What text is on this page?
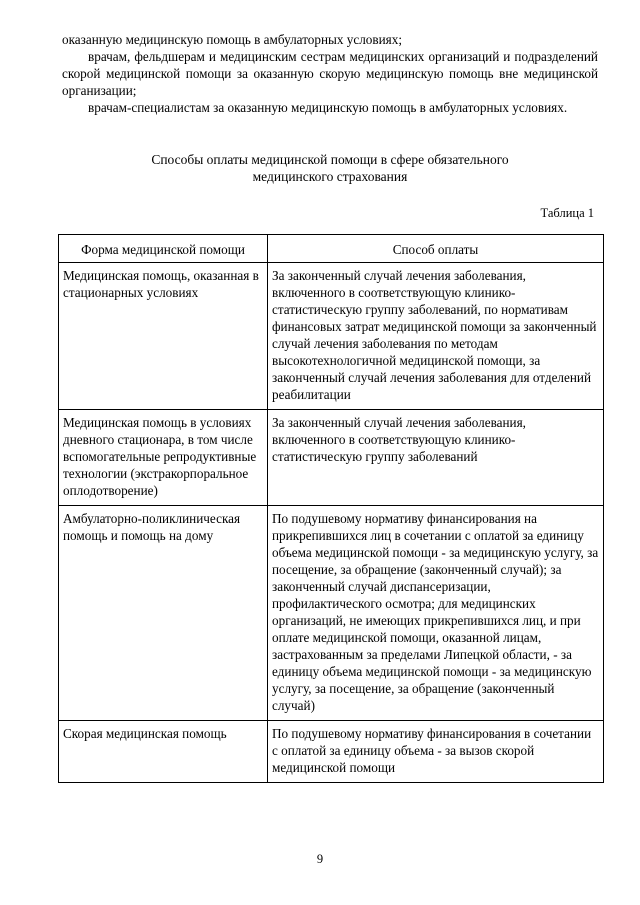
оказанную медицинскую помощь в амбулаторных условиях;
врачам, фельдшерам и медицинским сестрам медицинских организаций и подразделений скорой медицинской помощи за оказанную скорую медицинскую помощь вне медицинской организации;
врачам-специалистам за оказанную медицинскую помощь в амбулаторных условиях.
Способы оплаты медицинской помощи в сфере обязательного
медицинского страхования
Таблица 1
Форма медицинской помощи	Способ оплаты
Медицинская помощь, оказанная в стационарных условиях	За законченный случай лечения заболевания, включенного в соответствующую клинико-статистическую группу заболеваний, по нормативам финансовых затрат медицинской помощи за законченный случай лечения заболевания по методам высокотехнологичной медицинской помощи, за законченный случай лечения заболевания для отделений реабилитации
Медицинская помощь в условиях дневного стационара, в том числе вспомогательные репродуктивные технологии (экстракорпоральное оплодотворение)	За законченный случай лечения заболевания, включенного в соответствующую клинико-статистическую группу заболеваний
Амбулаторно-поликлиническая помощь и помощь на дому	По подушевому нормативу финансирования на прикрепившихся лиц в сочетании с оплатой за единицу объема медицинской помощи - за медицинскую услугу, за посещение, за обращение (законченный случай); за законченный случай диспансеризации, профилактического осмотра; для медицинских организаций, не имеющих прикрепившихся лиц, и при оплате медицинской помощи, оказанной лицам, застрахованным за пределами Липецкой области, - за единицу объема медицинской помощи - за медицинскую услугу, за посещение, за обращение (законченный случай)
Скорая медицинская помощь	По подушевому нормативу финансирования в сочетании с оплатой за единицу объема - за вызов скорой медицинской помощи
9
